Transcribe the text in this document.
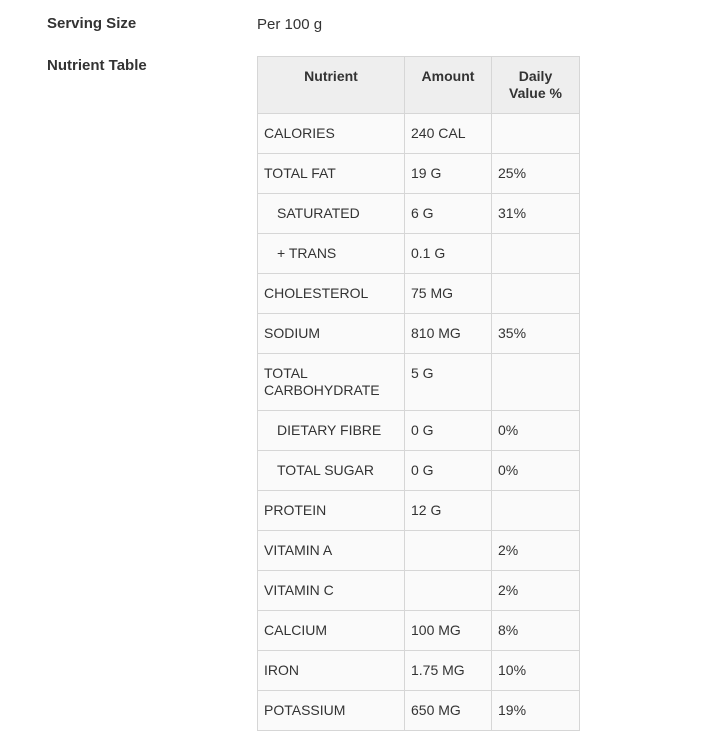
Serving Size	Per 100 g
Nutrient Table
Nutrient	Amount	Daily Value %
CALORIES	240 CAL	
TOTAL FAT	19 G	25%
SATURATED	6 G	31%
+ TRANS	0.1 G	
CHOLESTEROL	75 MG	
SODIUM	810 MG	35%
TOTAL CARBOHYDRATE	5 G	
DIETARY FIBRE	0 G	0%
TOTAL SUGAR	0 G	0%
PROTEIN	12 G	
VITAMIN A		2%
VITAMIN C		2%
CALCIUM	100 MG	8%
IRON	1.75 MG	10%
POTASSIUM	650 MG	19%
